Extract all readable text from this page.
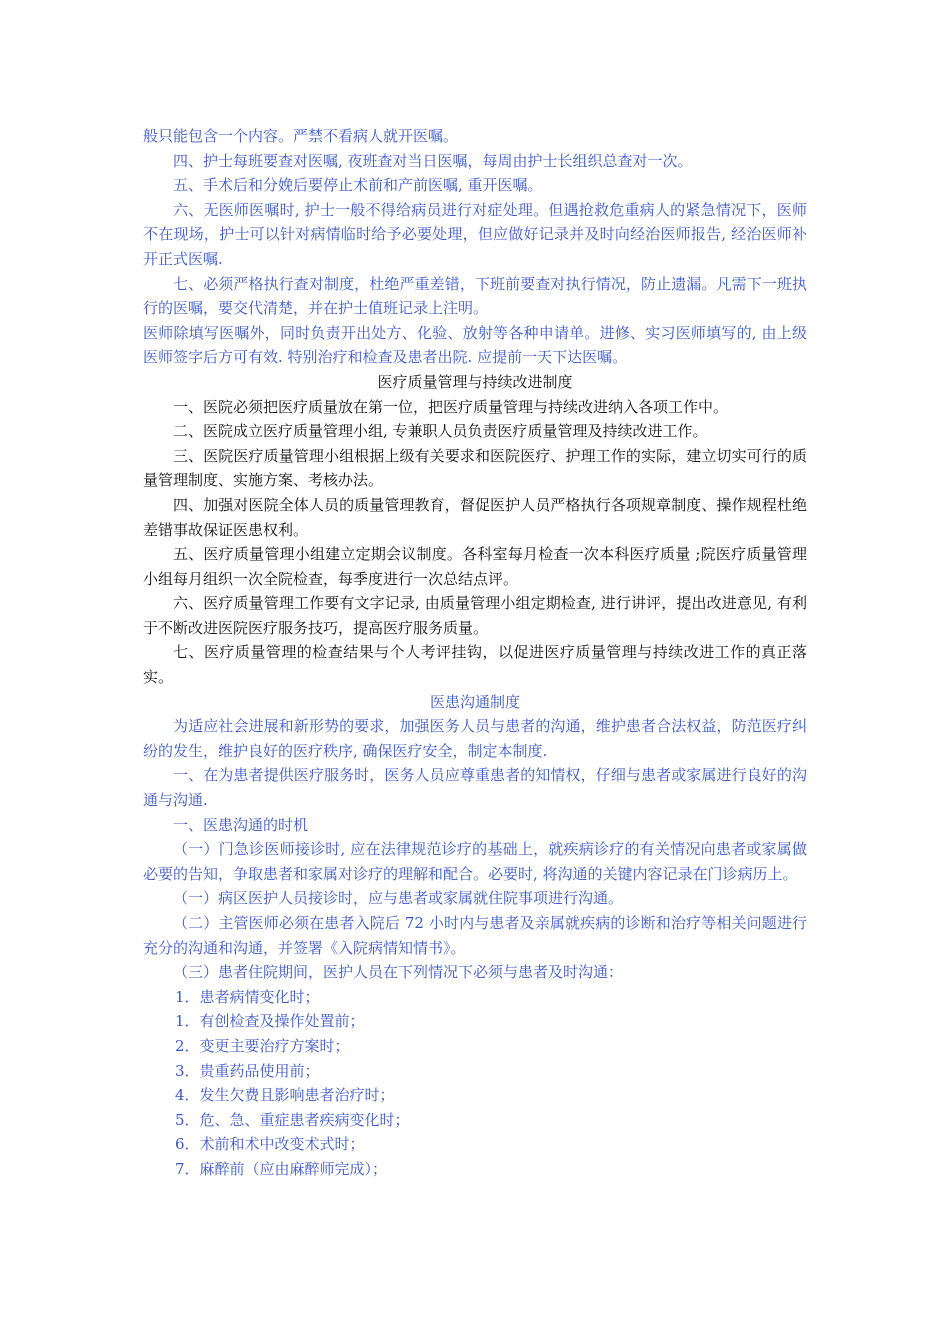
般只能包含一个内容。严禁不看病人就开医嘱。

四、护士每班要查对医嘱, 夜班查对当日医嘱，每周由护士长组织总查对一次。

五、手术后和分娩后要停止术前和产前医嘱, 重开医嘱。

六、无医师医嘱时, 护士一般不得给病员进行对症处理。但遇抢救危重病人的紧急情况下，医师不在现场，护士可以针对病情临时给予必要处理，但应做好记录并及时向经治医师报告, 经治医师补开正式医嘱.

七、必须严格执行查对制度，杜绝严重差错，下班前要查对执行情况，防止遗漏。凡需下一班执行的医嘱，要交代清楚，并在护士值班记录上注明。

医师除填写医嘱外，同时负责开出处方、化验、放射等各种申请单。进修、实习医师填写的, 由上级医师签字后方可有效. 特别治疗和检查及患者出院. 应提前一天下达医嘱。

医疗质量管理与持续改进制度

一、医院必须把医疗质量放在第一位，把医疗质量管理与持续改进纳入各项工作中。

二、医院成立医疗质量管理小组, 专兼职人员负责医疗质量管理及持续改进工作。

三、医院医疗质量管理小组根据上级有关要求和医院医疗、护理工作的实际，建立切实可行的质量管理制度、实施方案、考核办法。

四、加强对医院全体人员的质量管理教育，督促医护人员严格执行各项规章制度、操作规程杜绝差错事故保证医患权利。

五、医疗质量管理小组建立定期会议制度。各科室每月检查一次本科医疗质量 ;院医疗质量管理小组每月组织一次全院检查，每季度进行一次总结点评。

六、医疗质量管理工作要有文字记录, 由质量管理小组定期检查, 进行讲评，提出改进意见, 有利于不断改进医院医疗服务技巧，提高医疗服务质量。

七、医疗质量管理的检查结果与个人考评挂钩，以促进医疗质量管理与持续改进工作的真正落实。

医患沟通制度

为适应社会进展和新形势的要求，加强医务人员与患者的沟通，维护患者合法权益，防范医疗纠纷的发生，维护良好的医疗秩序, 确保医疗安全，制定本制度.

一、在为患者提供医疗服务时，医务人员应尊重患者的知情权，仔细与患者或家属进行良好的沟通与沟通.

一、医患沟通的时机

（一）门急诊医师接诊时, 应在法律规范诊疗的基础上，就疾病诊疗的有关情况向患者或家属做必要的告知，争取患者和家属对诊疗的理解和配合。必要时, 将沟通的关键内容记录在门诊病历上。

（一）病区医护人员接诊时，应与患者或家属就住院事项进行沟通。

（二）主管医师必须在患者入院后 72 小时内与患者及亲属就疾病的诊断和治疗等相关问题进行充分的沟通和沟通，并签署《入院病情知情书》。

（三）患者住院期间，医护人员在下列情况下必须与患者及时沟通：

1．患者病情变化时；

1．有创检查及操作处置前；

2．变更主要治疗方案时；

3．贵重药品使用前；

4．发生欠费且影响患者治疗时；

5．危、急、重症患者疾病变化时；

6．术前和术中改变术式时；

7．麻醉前（应由麻醉师完成）；
